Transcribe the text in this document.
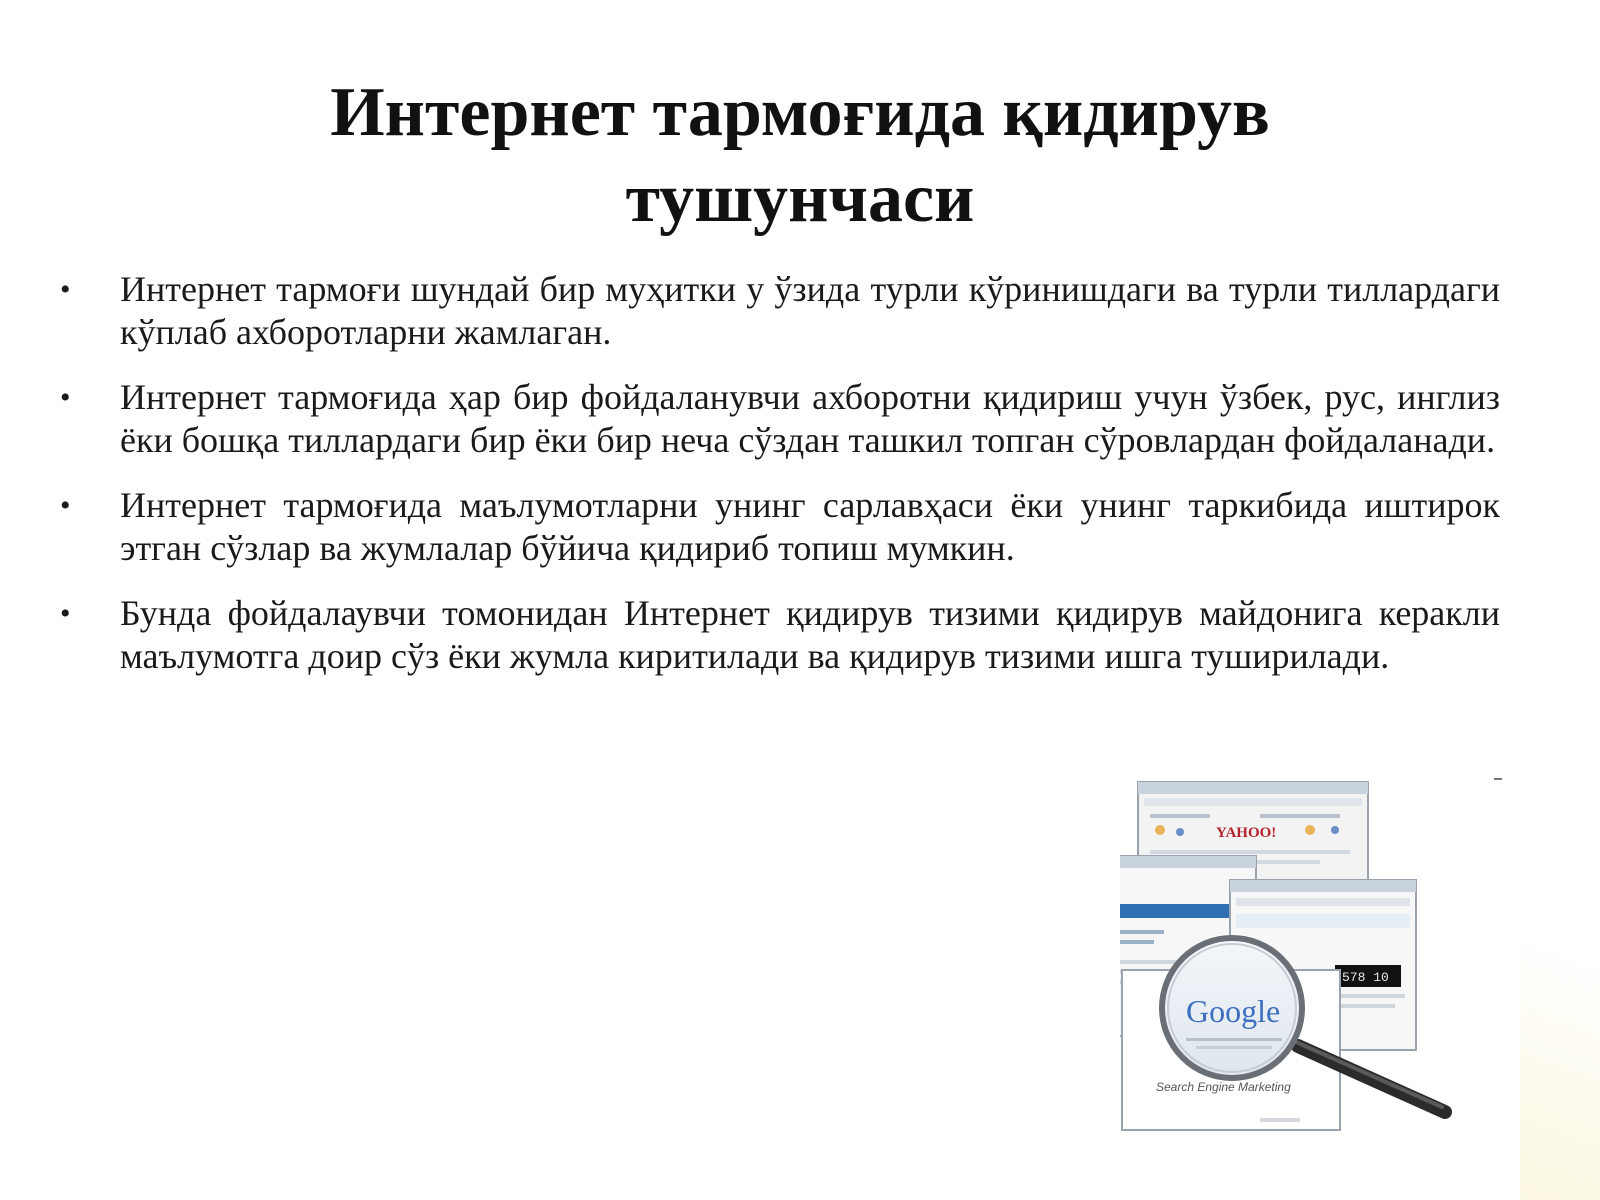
Интернет тармоғида қидирув
тушунчаси
• Интернет тармоғи шундай бир муҳитки у ўзида турли кўринишдаги ва турли тиллардаги кўплаб ахборотларни жамлаган.
• Интернет тармоғида ҳар бир фойдаланувчи ахборотни қидириш учун ўзбек, рус, инглиз ёки бошқа тиллардаги бир ёки бир неча сўздан ташкил топган сўровлардан фойдаланади.
• Интернет тармоғида маълумотларни унинг сарлавҳаси ёки унинг таркибида иштирок этган сўзлар ва жумлалар бўйича қидириб топиш мумкин.
• Бунда фойдалаувчи томонидан Интернет қидирув тизими қидирув майдонига керакли маълумотга доир сўз ёки жумла киритилади ва қидирув тизими ишга туширилади.
YAHOO!
578 10
Search Engine Marketing
Google
